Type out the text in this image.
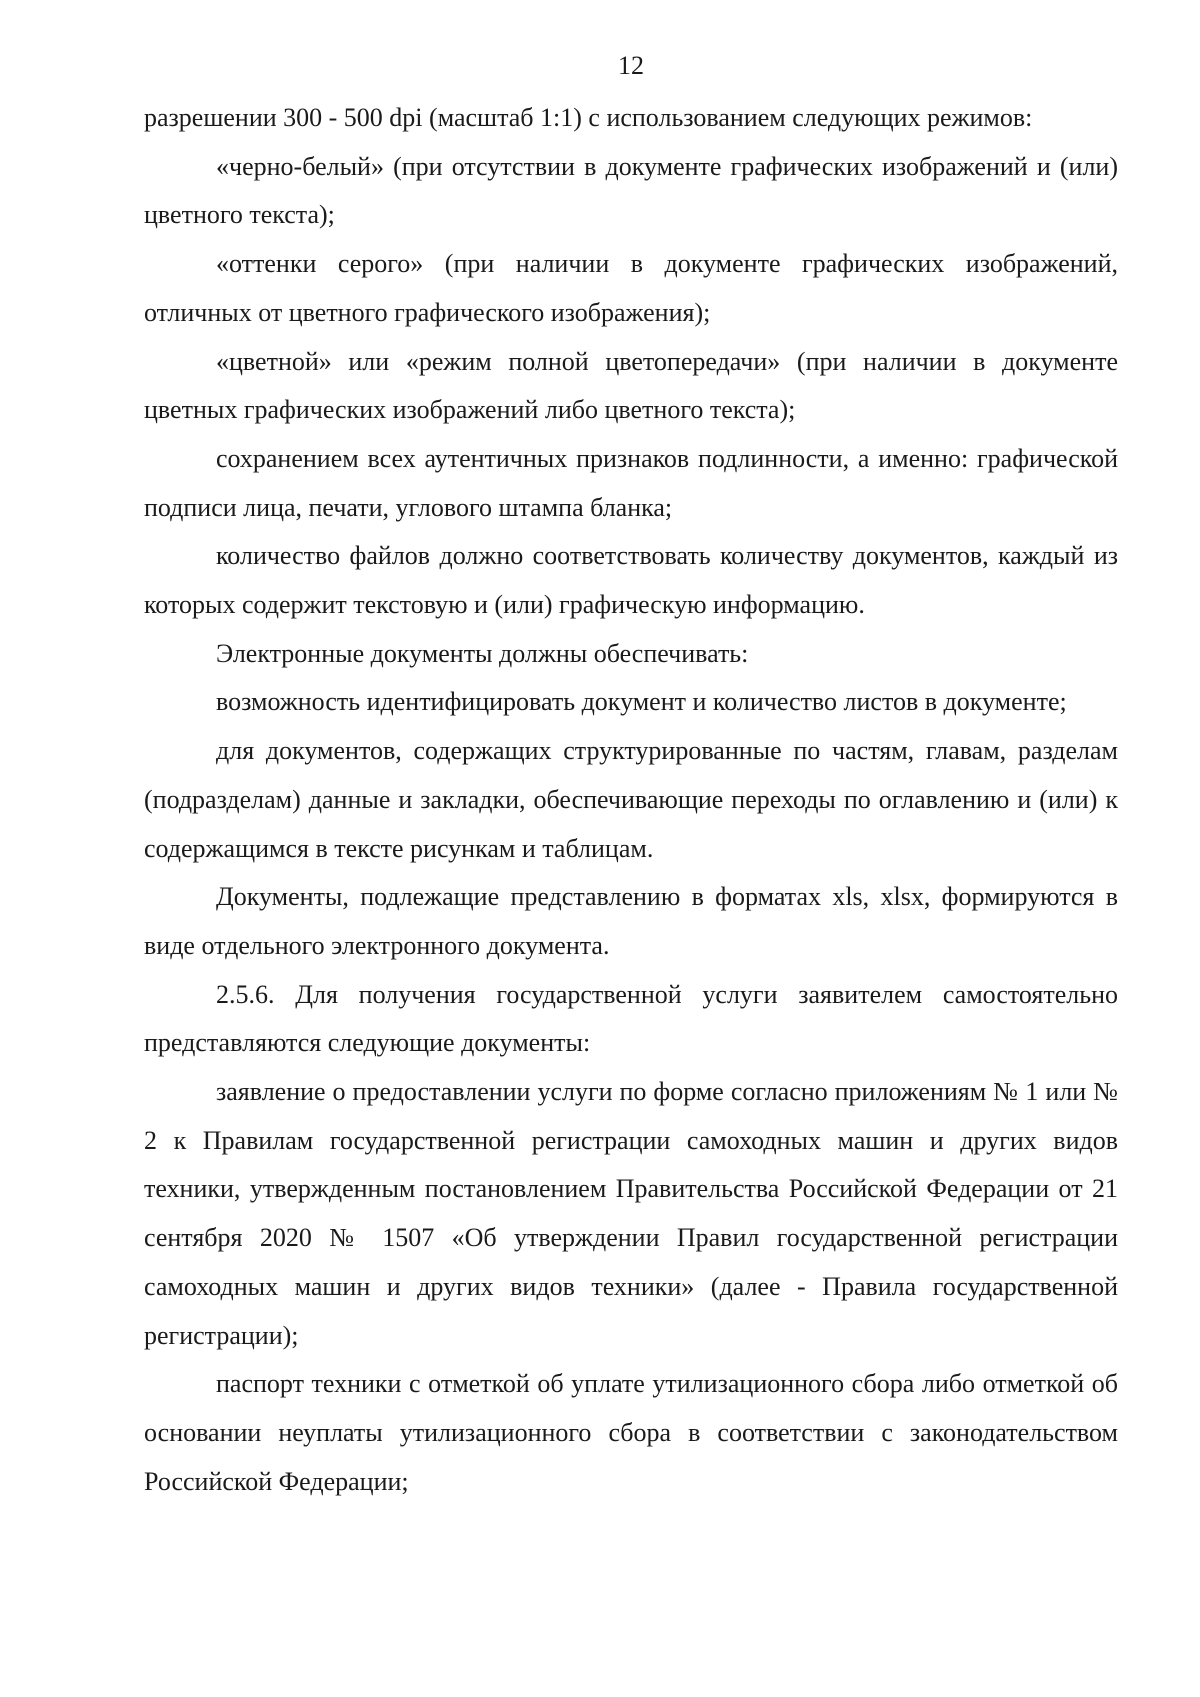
12

разрешении 300 - 500 dpi (масштаб 1:1) с использованием следующих режимов:

«черно-белый» (при отсутствии в документе графических изображений и (или) цветного текста);

«оттенки серого» (при наличии в документе графических изображений, отличных от цветного графического изображения);

«цветной» или «режим полной цветопередачи» (при наличии в документе цветных графических изображений либо цветного текста);

сохранением всех аутентичных признаков подлинности, а именно: графической подписи лица, печати, углового штампа бланка;

количество файлов должно соответствовать количеству документов, каждый из которых содержит текстовую и (или) графическую информацию.

Электронные документы должны обеспечивать:

возможность идентифицировать документ и количество листов в документе;

для документов, содержащих структурированные по частям, главам, разделам (подразделам) данные и закладки, обеспечивающие переходы по оглавлению и (или) к содержащимся в тексте рисункам и таблицам.

Документы, подлежащие представлению в форматах xls, xlsx, формируются в виде отдельного электронного документа.

2.5.6. Для получения государственной услуги заявителем самостоятельно представляются следующие документы:

заявление о предоставлении услуги по форме согласно приложениям № 1 или № 2 к Правилам государственной регистрации самоходных машин и других видов техники, утвержденным постановлением Правительства Российской Федерации от 21 сентября 2020 № 1507 «Об утверждении Правил государственной регистрации самоходных машин и других видов техники» (далее - Правила государственной регистрации);

паспорт техники с отметкой об уплате утилизационного сбора либо отметкой об основании неуплаты утилизационного сбора в соответствии с законодательством Российской Федерации;
